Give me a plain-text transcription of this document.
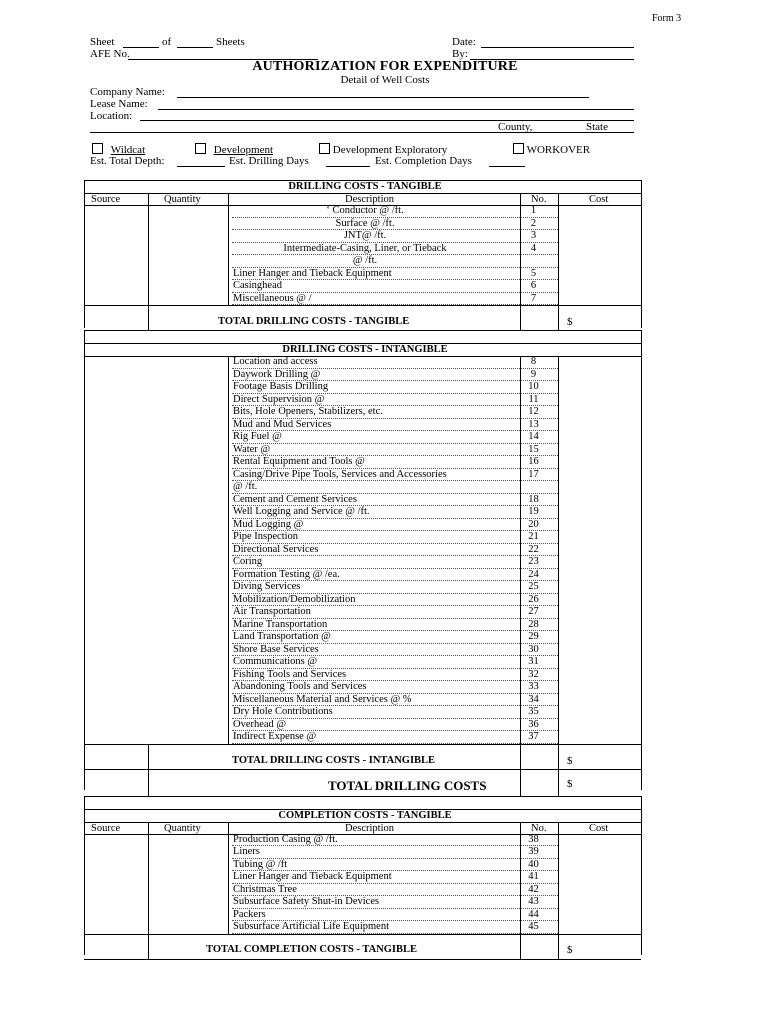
Form 3
Sheet	of	Sheets
AFE No.
Date:
By:
AUTHORIZATION FOR EXPENDITURE
Detail of Well Costs
Company Name:
Lease Name:
Location:
County,	State
Wildcat	Development	Development Exploratory	WORKOVER
Est. Total Depth:	Est. Drilling Days	Est. Completion Days
DRILLING COSTS - TANGIBLE
Source	Quantity	Description	No.	Cost
‘ Conductor @ /ft.	1
Surface @ /ft.	2
JNT@ /ft.	3
Intermediate-Casing, Liner, or Tieback	4
@ /ft.
Liner Hanger and Tieback Equipment	5
Casinghead	6
Miscellaneous @ /	7
TOTAL DRILLING COSTS - TANGIBLE	$
DRILLING COSTS - INTANGIBLE
Location and access	8
Daywork Drilling @	9
Footage Basis Drilling	10
Direct Supervision @	11
Bits, Hole Openers, Stabilizers, etc.	12
Mud and Mud Services	13
Rig Fuel @	14
Water @	15
Rental Equipment and Tools @	16
Casing/Drive Pipe Tools, Services and Accessories	17
@ /ft.
Cement and Cement Services	18
Well Logging and Service @ /ft.	19
Mud Logging @	20
Pipe Inspection	21
Directional Services	22
Coring	23
Formation Testing @ /ea.	24
Diving Services	25
Mobilization/Demobilization	26
Air Transportation	27
Marine Transportation	28
Land Transportation @	29
Shore Base Services	30
Communications @	31
Fishing Tools and Services	32
Abandoning Tools and Services	33
Miscellaneous Material and Services @ %	34
Dry Hole Contributions	35
Overhead @	36
Indirect Expense @	37
TOTAL DRILLING COSTS - INTANGIBLE	$
TOTAL DRILLING COSTS	$
COMPLETION COSTS - TANGIBLE
Source	Quantity	Description	No.	Cost
Production Casing @ /ft.	38
Liners	39
Tubing @ /ft	40
Liner Hanger and Tieback Equipment	41
Christmas Tree	42
Subsurface Safety Shut-in Devices	43
Packers	44
Subsurface Artificial Life Equipment	45
TOTAL COMPLETION COSTS - TANGIBLE	$
